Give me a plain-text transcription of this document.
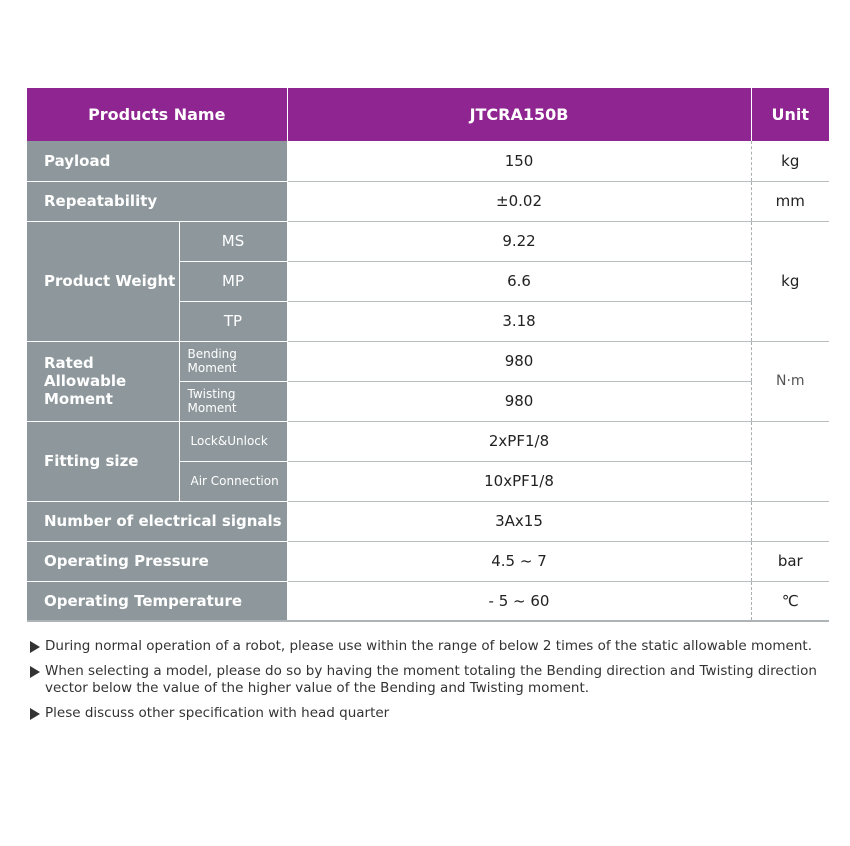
Products Name		JTCRA150B	Unit
Payload		150	kg
Repeatability		±0.02	mm
Product Weight	MS	9.22	kg
	MP	6.6	
	TP	3.18	
Rated Allowable
Moment	Bending Moment	980	N·m
	Twisting Moment	980	
Fitting size	Lock&Unlock	2xPF1/8	
	Air Connection	10xPF1/8	
Number of electrical signals		3Ax15	
Operating Pressure		4.5 ~ 7	bar
Operating Temperature		- 5 ~ 60	℃
During normal operation of a robot, please use within the range of below 2 times of the static allowable moment.
When selecting a model, please do so by having the moment totaling the Bending direction and Twisting direction vector below the value of the higher value of the Bending and Twisting moment.
Plese discuss other specification with head quarter
